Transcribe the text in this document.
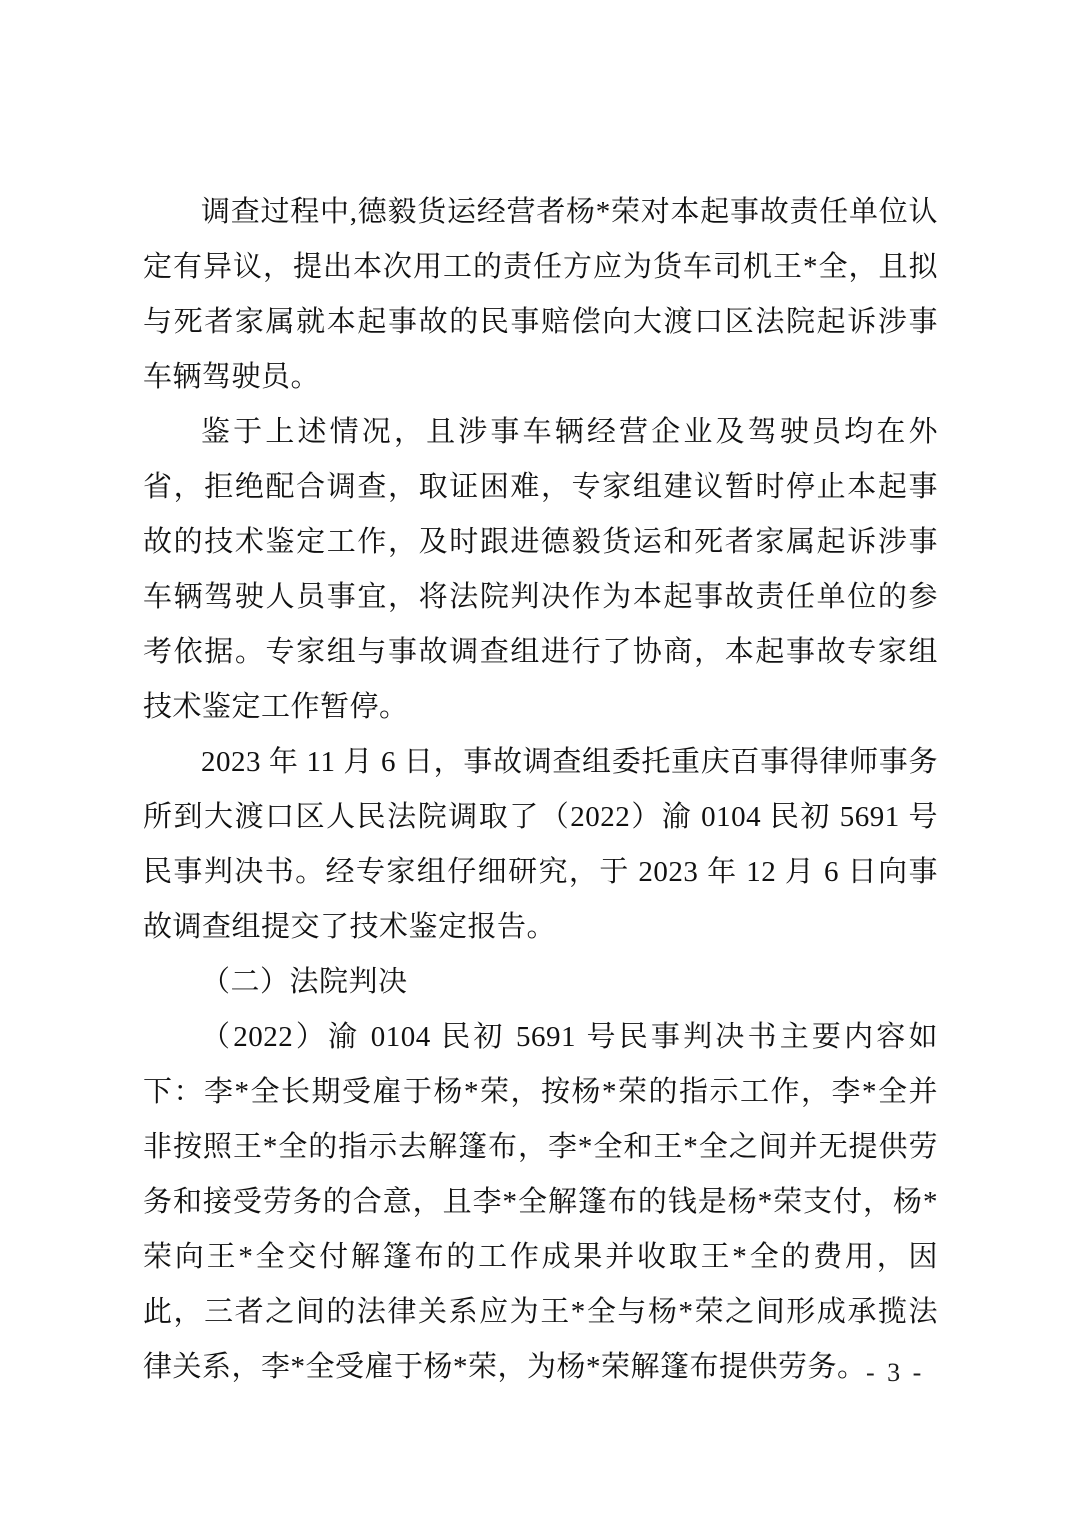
调查过程中,德毅货运经营者杨*荣对本起事故责任单位认定有异议，提出本次用工的责任方应为货车司机王*全，且拟与死者家属就本起事故的民事赔偿向大渡口区法院起诉涉事车辆驾驶员。

鉴于上述情况，且涉事车辆经营企业及驾驶员均在外省，拒绝配合调查，取证困难，专家组建议暂时停止本起事故的技术鉴定工作，及时跟进德毅货运和死者家属起诉涉事车辆驾驶人员事宜，将法院判决作为本起事故责任单位的参考依据。专家组与事故调查组进行了协商，本起事故专家组技术鉴定工作暂停。

2023 年 11 月 6 日，事故调查组委托重庆百事得律师事务所到大渡口区人民法院调取了（2022）渝 0104 民初 5691 号民事判决书。经专家组仔细研究，于 2023 年 12 月 6 日向事故调查组提交了技术鉴定报告。

（二）法院判决

（2022）渝 0104 民初 5691 号民事判决书主要内容如下：李*全长期受雇于杨*荣，按杨*荣的指示工作，李*全并非按照王*全的指示去解篷布，李*全和王*全之间并无提供劳务和接受劳务的合意，且李*全解篷布的钱是杨*荣支付，杨*荣向王*全交付解篷布的工作成果并收取王*全的费用，因此，三者之间的法律关系应为王*全与杨*荣之间形成承揽法律关系，李*全受雇于杨*荣，为杨*荣解篷布提供劳务。 - 3 -
